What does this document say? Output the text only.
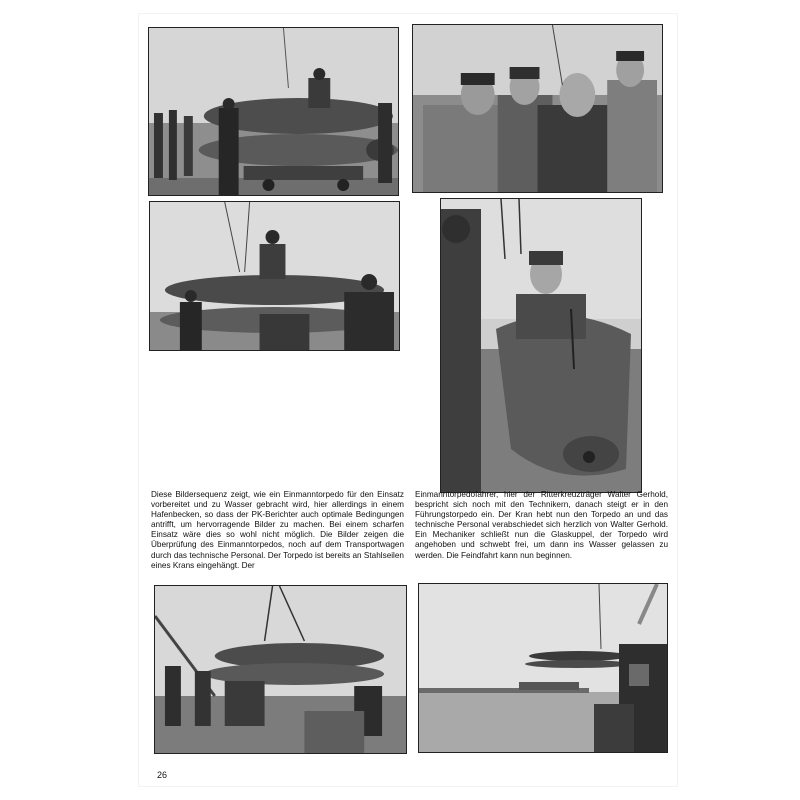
Diese Bildersequenz zeigt, wie ein Einmanntorpedo für den Einsatz vorbereitet und zu Wasser gebracht wird, hier allerdings in einem Hafenbecken, so dass der PK-Berichter auch optimale Bedingungen antrifft, um hervorragende Bilder zu machen. Bei einem scharfen Einsatz wäre dies so wohl nicht möglich. Die Bilder zeigen die Überprüfung des Einmanntorpedos, noch auf dem Transportwagen durch das technische Personal. Der Torpedo ist bereits an Stahlseilen eines Krans eingehängt. Der

Einmanntorpedofahrer, hier der Ritterkreuzträger Walter Gerhold, bespricht sich noch mit den Technikern, danach steigt er in den Führungstorpedo ein. Der Kran hebt nun den Torpedo an und das technische Personal verabschiedet sich herzlich von Walter Gerhold. Ein Mechaniker schließt nun die Glaskuppel, der Torpedo wird angehoben und schwebt frei, um dann ins Wasser gelassen zu werden. Die Feindfahrt kann nun beginnen.

26
